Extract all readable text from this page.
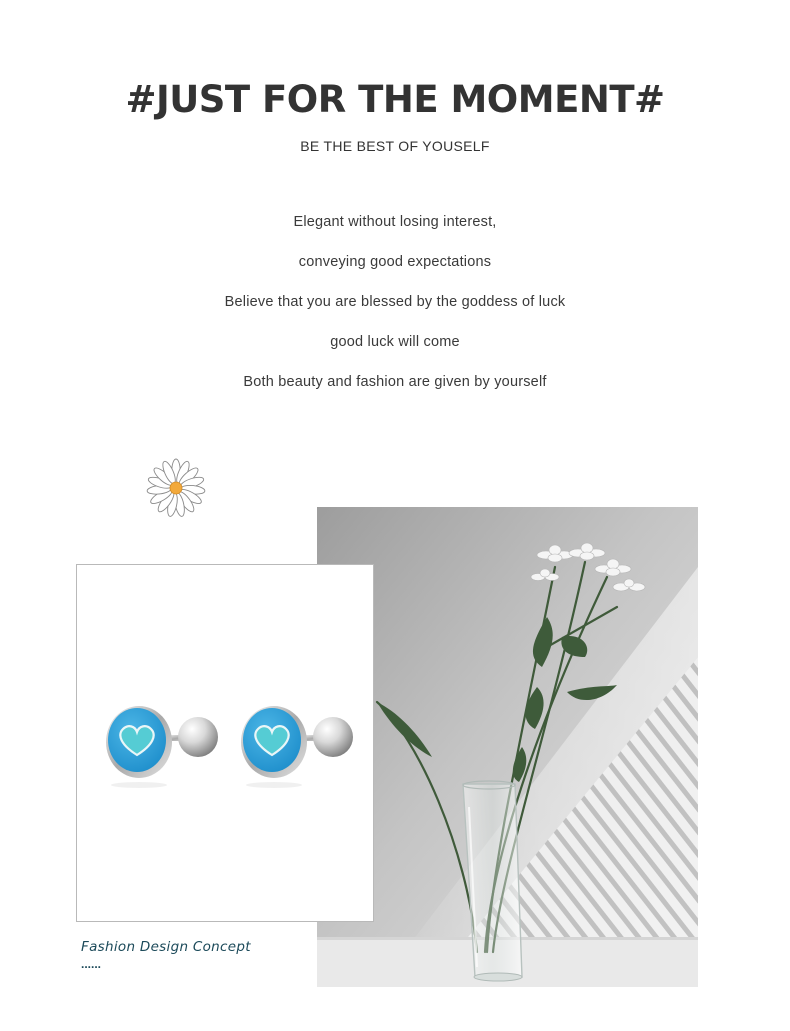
#JUST FOR THE MOMENT#
BE THE BEST OF YOUSELF
Elegant without losing interest,
conveying good expectations
Believe that you are blessed by the goddess of luck
good luck will come
Both beauty and fashion are given by yourself
Fashion Design Concept
......
